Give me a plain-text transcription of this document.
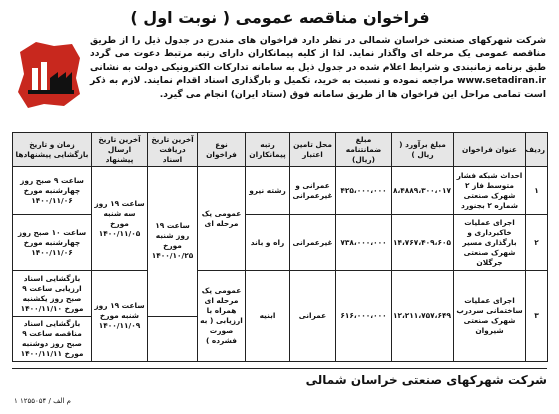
فراخوان مناقصه عمومی ( نوبت اول )
شرکت شهرکهای صنعتی خراسان شمالی در نظر دارد فراخوان های مندرج در جدول ذیل را از طریق مناقصه عمومی یک مرحله ای واگذار نماید. لذا از کلیه پیمانکاران دارای رتبه مرتبط دعوت می گردد طبق برنامه زمانبندی و شرایط اعلام شده در جدول ذیل به سامانه تدارکات الکترونیکی دولت به نشانی www.setadiran.ir مراجعه نموده و نسبت به خرید، تکمیل و بارگذاری اسناد اقدام نمایند. لازم به ذکر است تمامی مراحل این فراخوان ها از طریق سامانه فوق (ستاد ایران) انجام می گیرد.
ردیف	عنوان فراخوان	مبلغ برآورد ( ریال )	مبلغ ضمانتنامه (ریال)	محل تامین اعتبار	رتبه پیمانکاران	نوع فراخوان	آخرین تاریخ دریافت اسناد	آخرین تاریخ ارسال پیشنهاد	زمان و تاریخ بازگشایی پیشنهادها
۱	احداث شبکه فشار متوسط فاز ۲ شهرک صنعتی شماره ۲ بجنورد	۸،۴۸۸۹،۳۰۰،۰۱۷	۴۲۵،۰۰۰،۰۰۰	عمرانی و غیرعمرانی	رشته نیرو	عمومی یک مرحله ای	ساعت ۱۹ روز شنبه مورخ ۱۴۰۰/۱۰/۲۵	ساعت ۱۹ روز سه شنبه مورخ ۱۴۰۰/۱۱/۰۵	ساعت ۹ صبح روز چهارشنبه مورخ ۱۴۰۰/۱۱/۰۶
۲	اجرای عملیات خاکبرداری و بارگذاری مسیر شهرک صنعتی جرگلان	۱۴،۷۶۷،۴۰۹،۶۰۵	۷۳۸،۰۰۰،۰۰۰	غیرعمرانی	راه و باند				ساعت ۱۰ صبح روز چهارشنبه مورخ ۱۴۰۰/۱۱/۰۶
۳	اجرای عملیات ساختمانی سردرب شهرک صنعتی شیروان	۱۲،۲۱۱،۷۵۷،۶۴۹	۶۱۶،۰۰۰،۰۰۰	عمرانی	ابنیه	عمومی یک مرحله ای همراه با ارزیابی ( به صورت فشرده )		ساعت ۱۹ روز شنبه مورخ ۱۴۰۰/۱۱/۰۹	بازگشایی اسناد ارزیابی ساعت ۹ صبح روز یکشنبه مورخ ۱۴۰۰/۱۱/۱۰
									بازگشایی اسناد مناقصه ساعت ۹ صبح روز دوشنبه مورخ ۱۴۰۰/۱۱/۱۱
شرکت شهرکهای صنعتی خراسان شمالی
م الف / ۱۲۵۵۰۵۴ ۱
